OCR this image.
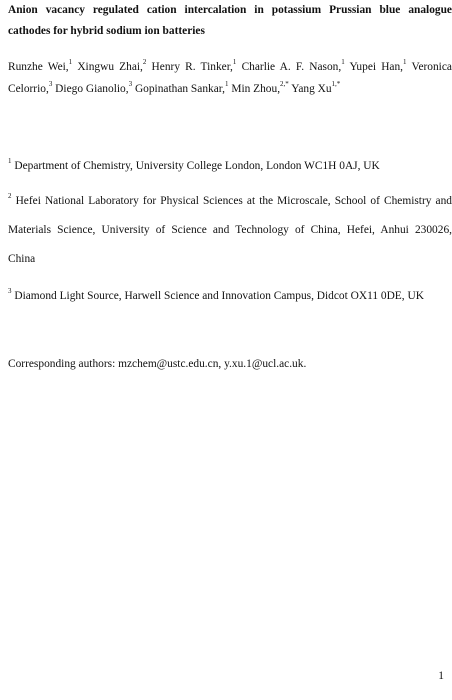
Anion vacancy regulated cation intercalation in potassium Prussian blue analogue
cathodes for hybrid sodium ion batteries
Runzhe Wei,$^1$ Xingwu Zhai,$^2$ Henry R. Tinker,$^1$ Charlie A. F. Nason,$^1$ Yupei Han,$^1$ Veronica
Celorrio,$^3$ Diego Gianolio,$^3$ Gopinathan Sankar,$^1$ Min Zhou,$^{2,*}$ Yang $Xu^{1,*}$
$^1$ Department of Chemistry, University College London, London WC1H 0AJ, UK
$^2$ Hefei National Laboratory for Physical Sciences at the Microscale, School of Chemistry and
Materials Science, University of Science and Technology of China, Hefei, Anhui 230026,
China
$^3$ Diamond Light Source, Harwell Science and Innovation Campus, Didcot OX11 0DE, UK
Corresponding authors: mzchem@ustc.edu.cn, y.xu.1@ucl.ac.uk.
1
